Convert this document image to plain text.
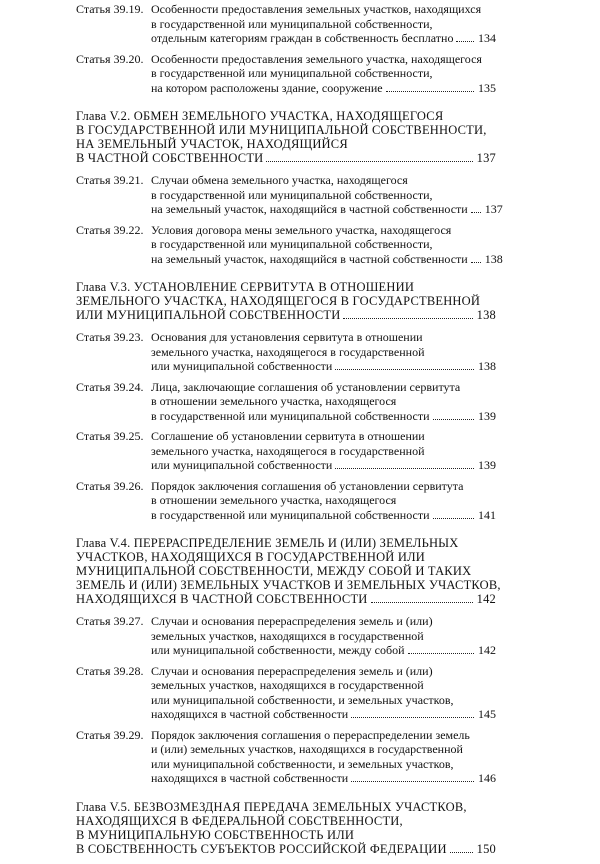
Статья 39.19. Особенности предоставления земельных участков, находящихся
в государственной или муниципальной собственности,
отдельным категориям граждан в собственность бесплатно 134
Статья 39.20. Особенности предоставления земельного участка, находящегося
в государственной или муниципальной собственности,
на котором расположены здание, сооружение	135
Глава V.2. ОБМЕН ЗЕМЕЛЬНОГО УЧАСТКА, НАХОДЯЩЕГОСЯ
В ГОСУДАРСТВЕННОЙ ИЛИ МУНИЦИПАЛЬНОЙ СОБСТВЕННОСТИ,
НА ЗЕМЕЛЬНЫЙ УЧАСТОК, НАХОДЯЩИЙСЯ
В ЧАСТНОЙ СОБСТВЕННОСТИ	137
Статья 39.21. Случаи обмена земельного участка, находящегося
в государственной или муниципальной собственности,
на земельный участок, находящийся в частной собственности 137
Статья 39.22. Условия договора мены земельного участка, находящегося
в государственной или муниципальной собственности,
на земельный участок, находящийся в частной собственности 138
Глава V.3. УСТАНОВЛЕНИЕ СЕРВИТУТА В ОТНОШЕНИИ
ЗЕМЕЛЬНОГО УЧАСТКА, НАХОДЯЩЕГОСЯ В ГОСУДАРСТВЕННОЙ
ИЛИ МУНИЦИПАЛЬНОЙ СОБСТВЕННОСТИ	138
Статья 39.23. Основания для установления сервитута в отношении
земельного участка, находящегося в государственной
или муниципальной собственности	138
Статья 39.24. Лица, заключающие соглашения об установлении сервитута
в отношении земельного участка, находящегося
в государственной или муниципальной собственности	139
Статья 39.25. Соглашение об установлении сервитута в отношении
земельного участка, находящегося в государственной
или муниципальной собственности	139
Статья 39.26. Порядок заключения соглашения об установлении сервитута
в отношении земельного участка, находящегося
в государственной или муниципальной собственности	141
Глава V.4. ПЕРЕРАСПРЕДЕЛЕНИЕ ЗЕМЕЛЬ И (ИЛИ) ЗЕМЕЛЬНЫХ
УЧАСТКОВ, НАХОДЯЩИХСЯ В ГОСУДАРСТВЕННОЙ ИЛИ
МУНИЦИПАЛЬНОЙ СОБСТВЕННОСТИ, МЕЖДУ СОБОЙ И ТАКИХ
ЗЕМЕЛЬ И (ИЛИ) ЗЕМЕЛЬНЫХ УЧАСТКОВ И ЗЕМЕЛЬНЫХ УЧАСТКОВ,
НАХОДЯЩИХСЯ В ЧАСТНОЙ СОБСТВЕННОСТИ	142
Статья 39.27. Случаи и основания перераспределения земель и (или)
земельных участков, находящихся в государственной
или муниципальной собственности, между собой	142
Статья 39.28. Случаи и основания перераспределения земель и (или)
земельных участков, находящихся в государственной
или муниципальной собственности, и земельных участков,
находящихся в частной собственности	145
Статья 39.29. Порядок заключения соглашения о перераспределении земель
и (или) земельных участков, находящихся в государственной
или муниципальной собственности, и земельных участков,
находящихся в частной собственности	146
Глава V.5. БЕЗВОЗМЕЗДНАЯ ПЕРЕДАЧА ЗЕМЕЛЬНЫХ УЧАСТКОВ,
НАХОДЯЩИХСЯ В ФЕДЕРАЛЬНОЙ СОБСТВЕННОСТИ,
В МУНИЦИПАЛЬНУЮ СОБСТВЕННОСТЬ ИЛИ
В СОБСТВЕННОСТЬ СУБЪЕКТОВ РОССИЙСКОЙ ФЕДЕРАЦИИ 150
